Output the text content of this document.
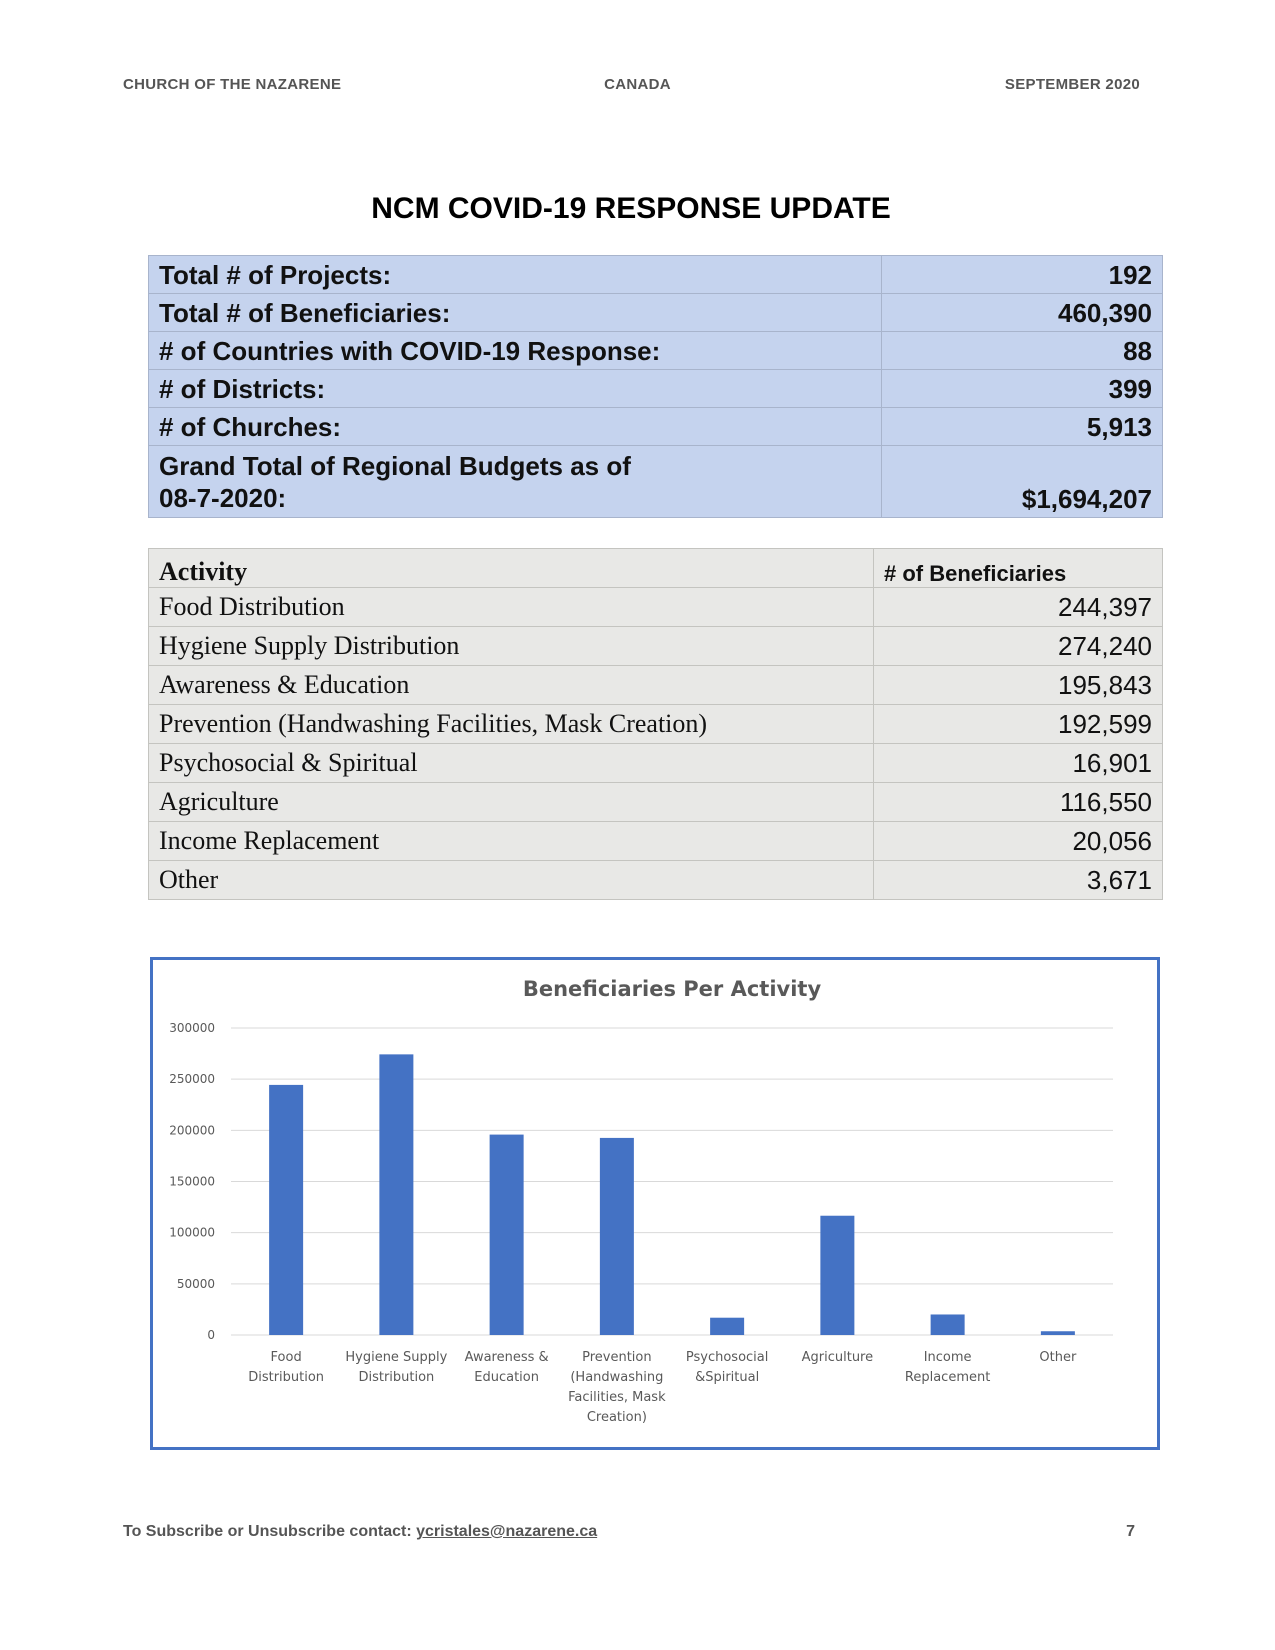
CHURCH OF THE NAZARENE	CANADA	SEPTEMBER 2020
NCM COVID-19 RESPONSE UPDATE
Total # of Projects:	192
Total # of Beneficiaries:	460,390
# of Countries with COVID-19 Response:	88
# of Districts:	399
# of Churches:	5,913
Grand Total of Regional Budgets as of
08-7-2020:	$1,694,207
Activity	# of Beneficiaries
Food Distribution	244,397
Hygiene Supply Distribution	274,240
Awareness & Education	195,843
Prevention (Handwashing Facilities, Mask Creation)	192,599
Psychosocial & Spiritual	16,901
Agriculture	116,550
Income Replacement	20,056
Other	3,671
Beneficiaries Per Activity
0
50000
100000
150000
200000
250000
300000
Food Distribution
Hygiene Supply Distribution
Awareness & Education
Prevention (Handwashing Facilities, Mask Creation)
Psychosocial &Spiritual
Agriculture	Income Replacement
Other
To Subscribe or Unsubscribe contact: ycristales@nazarene.ca	7
